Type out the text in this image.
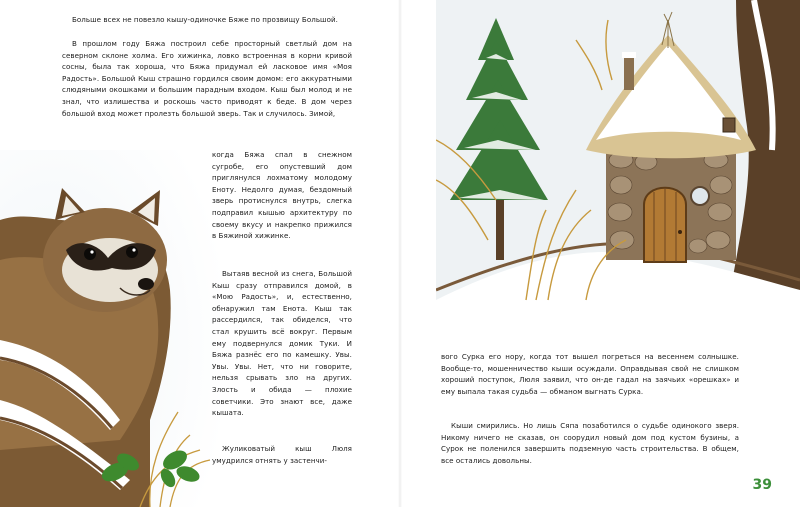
Больше всех не повезло кышу-одиночке Бяже по прозвищу Большой.

В прошлом году Бяжа построил себе просторный светлый дом на северном склоне холма. Его хижинка, ловко встроенная в корни кривой сосны, была так хороша, что Бяжа придумал ей ласковое имя «Моя Радость». Большой Кыш страшно гордился своим домом: его аккуратными слюдяными окошками и большим парадным входом. Кыш был молод и не знал, что излишества и роскошь часто приводят к беде. В дом через большой вход может пролезть большой зверь. Так и случилось. Зимой,

когда Бяжа спал в снежном сугробе, его опустевший дом приглянулся лохматому молодому Еноту. Недолго думая, бездомный зверь протиснулся внутрь, слегка подправил кышью архитектуру по своему вкусу и накрепко прижился в Бяжиной хижинке.

Вытаяв весной из снега, Большой Кыш сразу отправился домой, в «Мою Радость», и, естественно, обнаружил там Енота. Кыш так рассердился, так обиделся, что стал крушить всё вокруг. Первым ему подвернулся домик Туки. И Бяжа разнёс его по камешку. Увы. Увы. Увы. Нет, что ни говорите, нельзя срывать зло на других. Злость и обида — плохие советчики. Это знают все, даже кышата.

Жуликоватый кыш Люля умудрился отнять у застенчи-

вого Сурка его нору, когда тот вышел погреться на весеннем солнышке. Вообще-то, мошенничество кыши осуждали. Оправдывая свой не слишком хороший поступок, Люля заявил, что он-де гадал на заячьих «орешках» и ему выпала такая судьба — обманом выгнать Сурка.

Кыши смирились. Но лишь Сяпа позаботился о судьбе одинокого зверя. Никому ничего не сказав, он соорудил новый дом под кустом бузины, а Сурок не поленился завершить подземную часть строительства. В общем, все остались довольны.

39
